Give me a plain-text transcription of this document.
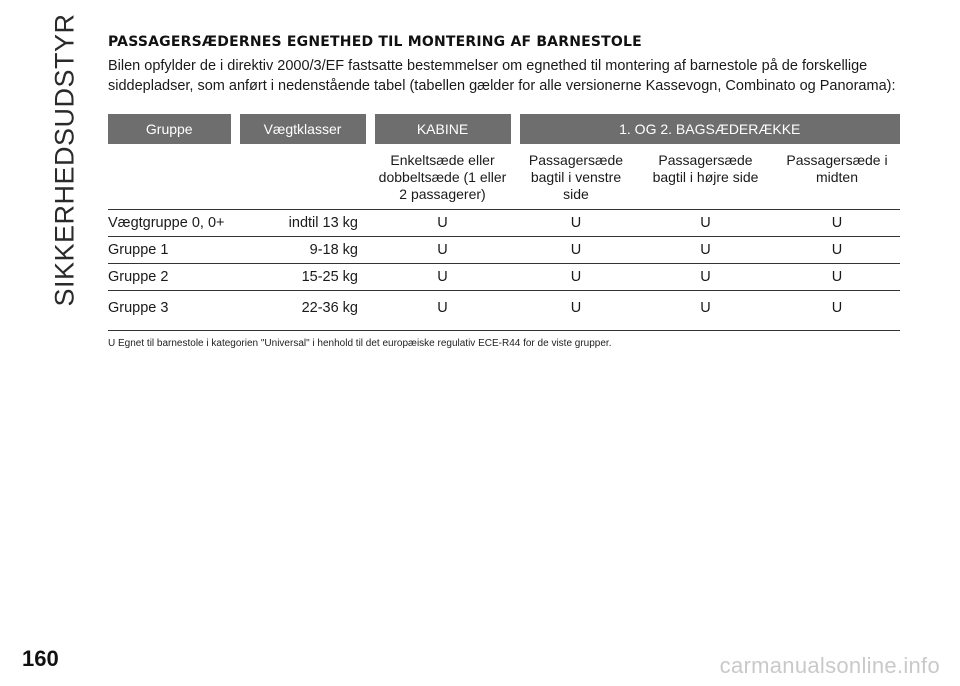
SIKKERHEDSUDSTYR PASSAGERSÆDERNES EGNETHED TIL MONTERING AF BARNESTOLE

Bilen opfylder de i direktiv 2000/3/EF fastsatte bestemmelser om egnethed til montering af barnestole på de forskellige siddepladser, som anført i nedenstående tabel (tabellen gælder for alle versionerne Kassevogn, Combinato og Panorama):

Gruppe	Vægtklasser	KABINE	1. OG 2. BAGSÆDERÆKKE		
		Enkeltsæde eller dobbeltsæde (1 eller 2 passagerer)	Passagersæde bagtil i venstre side	Passagersæde bagtil i højre side	Passagersæde i midten
Vægtgruppe 0, 0+	indtil 13 kg	U	U	U	U
Gruppe 1	9-18 kg	U	U	U	U
Gruppe 2	15-25 kg	U	U	U	U
Gruppe 3	22-36 kg	U	U	U	U
U Egnet til barnestole i kategorien "Universal" i henhold til det europæiske regulativ ECE-R44 for de viste grupper.
160	carmanualsonline.info
